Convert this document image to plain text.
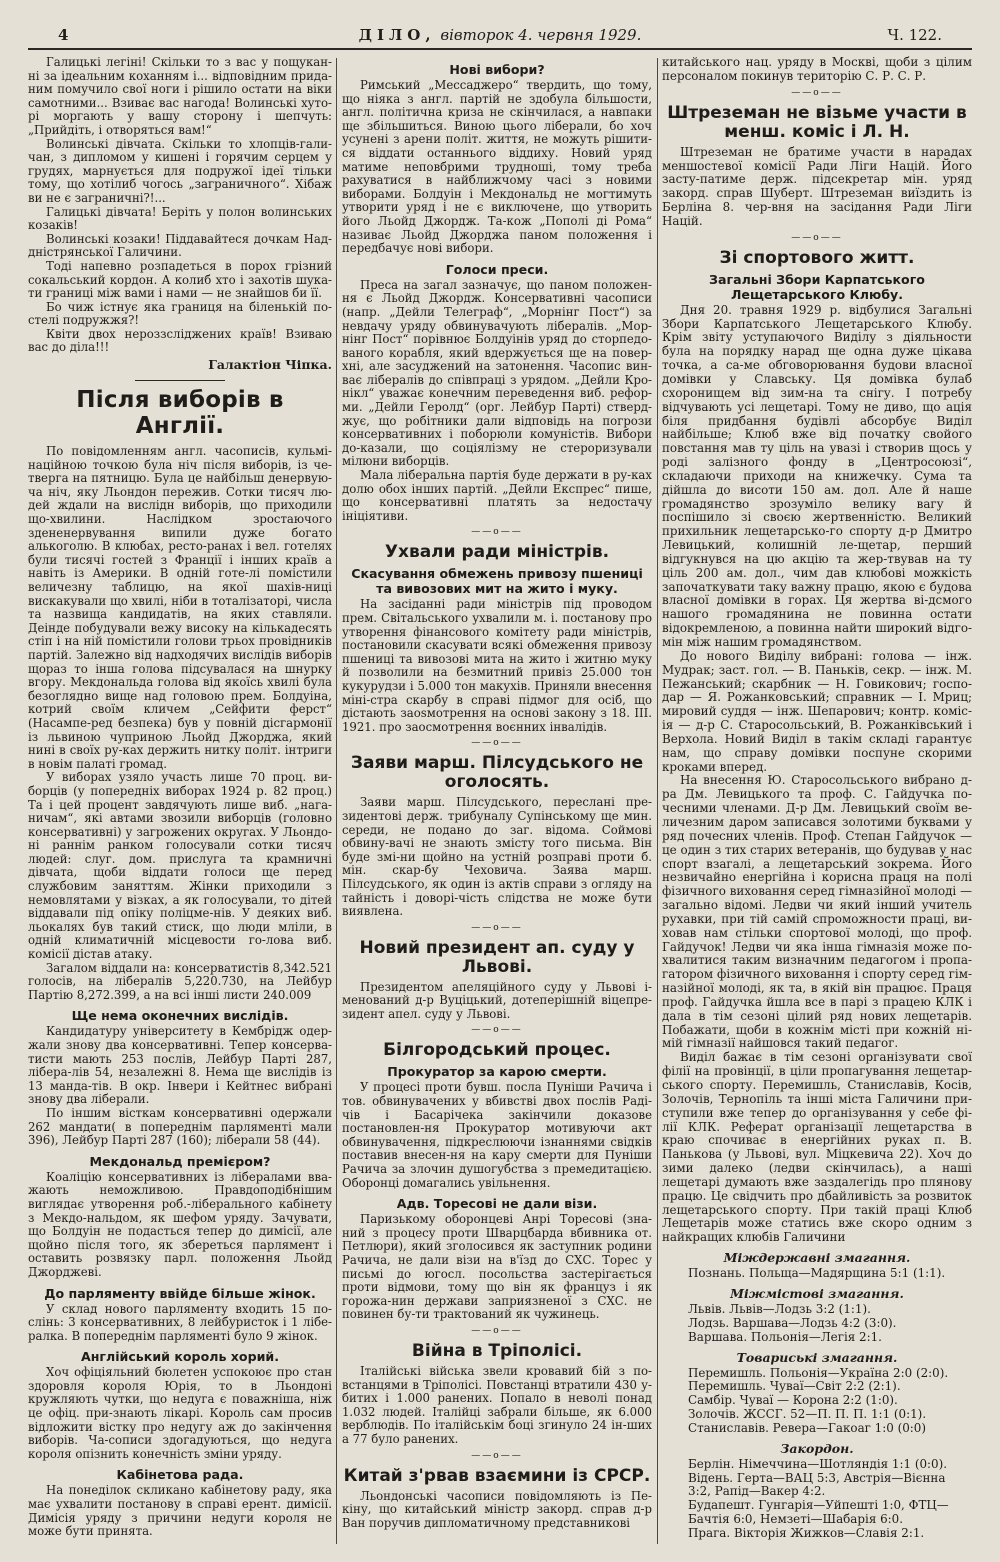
4	ДІЛО, вівторок 4. червня 1929.	Ч. 122.

Галицькі легіні! Скільки то з вас у пощукан-ні за ідеальним коханням і... відповідним прида-ним помучило свої ноги і рішило остати на віки самотними... Взиває вас нагода! Волинські хуто-рі моргають у вашу сторону і шепчуть: „Прийдіть, і отворяться вам!“

Волинські дівчата. Скільки то хлопців-гали-чан, з дипломом у кишені і горячим серцем у грудях, марнується для подружої ідеї тільки тому, що хотілиб чогось „заграничного“. Хібаж ви не є заграничні?!...

Галицькі дівчата! Беріть у полон волинських козаків!

Волинські козаки! Піддавайтеся дочкам Над-дністрянської Галичини.

Тоді напевно розпадеться в порох грізний сокальський кордон. А колиб хто і захотів шука-ти границі між вами і нами — не знайшов би її.

Бо чиж істнує яка границя на біленькій по-стелі подружжя?!

Квіти двох нероззсліджених країв! Взиваю вас до діла!!!

Галактіон Чіпка.
Після виборів в Англії.

По повідомленням англ. часописів, кульмі-наційною точкою була ніч після виборів, із че-тверга на пятницю. Була це найбільш денервую-ча ніч, яку Льондон пережив. Сотки тисяч лю-дей ждали на вислідн виборів, що приходили що-хвилини. Наслідком зростаючого здененервування випили дуже богато алькоголю. В клюбах, ресто-ранах і вел. готелях були тисячі гостей з Франції і інших країв а навіть із Америки. В одній готе-лі помістили величезну таблицю, на якої шахів-ниці вискакували що хвилі, ніби в тоталізаторі, числа та назвища кандидатів, на яких ставляли. Деінде побудували вежу високу на кількадесять стіп і на ній помістили голови трьох провідників партій. Залежно від надходячих вислідів виборів щораз то інша голова підсувалася на шнурку вгору. Мекдональда голова від якоїсь хвилі була безогляднo вище над головою прем. Болдуіна, котрий своїм кличем „Сейфити ферст“ (Насампе-ред безпека) був у повній дісгармонії із львиною чуприною Льойд Джорджа, який нині в своїх ру-ках держить нитку політ. інтриги в новім палаті громад.

У виборах узяло участь лише 70 проц. ви-борців (у попередніх виборах 1924 р. 82 проц.) Та і цей процент завдячують лише виб. „нага-ничам“, які автами звозили виборців (головно консервативні) у загрожених округах. У Льондо-ні раннім ранком голосували сотки тисяч людей: слуг. дом. прислуга та крамничні дівчата, щоби віддати голоси ще перед службовим заняттям. Жінки приходили з немовлятами у візках, а як голосували, то дітей віддавали під опіку поліцме-нів. У деяких виб. льокалях був такий стиск, що люди мліли, в одній климатичній місцевости го-лова виб. комісії дістав атаку.

Загалом віддали на: консерватистів 8,342.521 голосів, на лібералів 5,220.730, на Лейбур Партію 8,272.399, а на всі інші листи 240.009

Ще нема оконечних вислідів.

Кандидатуру університету в Кембрідж одер-жали знову два консервативні. Тепер консерва-тисти мають 253 послів, Лейбур Парті 287, лібера-лів 54, незалежні 8. Нема ще вислідів із 13 манда-тів. В окр. Інвери і Кейтнес вибрані знову два ліберали.

По іншим вісткам консервативні одержали 262 мандати( в попереднім парляменті мали 396), Лейбур Парті 287 (160); ліберали 58 (44).

Мекдональд премієром?

Коаліцію консервативних із лібералами вва-жають неможливою. Правдоподібнішим виглядає утворення роб.-ліберального кабінету з Мекдо-нальдом, як шефом уряду. Зачувати, що Болдуін не подасться тепер до димісії, але щойно після того, як збереться парлямент і оставить розвязку парл. положення Льойд Джорджеві.

До парляменту ввійде більше жінок.

У склад нового парляменту входить 15 по-слінь: 3 консервативних, 8 лейбуристок і 1 лібе-ралка. В попереднім парляменті було 9 жінок.

Англійський король хорий.

Хоч офіціяльний бюлетен успокоює про стан здоровля короля Юрія, то в Льондоні кружляють чутки, що недуга є поважніша, ніж це офіц. при-знають лікарі. Король сам просив відложити вістку про недугу аж до закінчення виборів. Ча-сописи здогадуються, що недуга короля опізнить конечність зміни уряду.

Кабінетова рада.

На понеділок скликано кабінетову раду, яка має ухвалити постанову в справі ерент. димісії. Димісія уряду з причини недуги короля не може бути принята.

Нові вибори?

Римський „Мессаджеро“ твердить, що тому, що ніяка з англ. партій не здобула більшости, англ. політична криза не скінчилася, а навпаки ще збільшиться. Виною цього ліберали, бо хоч усунені з арени політ. життя, не можуть рішити-ся віддати останнього віддиху. Новий уряд матиме неповбрими трудноші, тому треба рахуватися в найближчому часі з новими виборами. Болдуін і Мекдональд не могтимуть утворити уряд і не є виключене, що утворить його Льойд Джордж. Та-кож „Пополі ді Рома“ називає Льойд Джорджа паном положення і передбачує нові вибори.

Голоси преси.

Преса на загал зазначує, що паном положен-ня є Льойд Джордж. Консервативні часописи (напр. „Дейли Телеграф“, „Морнінг Пост“) за невдачу уряду обвинувачують лібералів. „Мор-нінг Пост“ порівнює Болдуінів уряд до сторпедо-ваного корабля, який вдержується ще на повер-хні, але засуджений на затонення. Часопис вин-ває лібералів до співпраці з урядом. „Дейли Кро-нікл“ уважає конечним переведення виб. рефор-ми. „Дейли Геролд“ (орг. Лейбур Парті) стверд-жує, що робітники дали відповідь на погрози консервативних і поборюли комуністів. Вибори до-казали, що соціялізму не стероризували мілюни виборців.

Мала ліберальна партія буде держати в ру-ках долю обох інших партій. „Дейли Експрес“ пише, що консервативні платять за недостачу ініціятиви.

——o——
Ухвали ради міністрів.
Скасування обмежень привозу пшениці та вивозових мит на жито і муку.

На засіданні ради міністрів під проводом прем. Світальського ухвалили м. і. постанову про утворення фінансового комітету ради міністрів, постановили скасувати всякі обмеження привозу пшениці та вивозові мита на жито і житню муку й позволили на безмитний привіз 25.000 тон кукурудзи і 5.000 тон макухів. Приняли внесення міні-стра скарбу в справі підмог для осіб, що дістають зaosмотрення на основі закону з 18. ІІІ. 1921. про заосмотрення воєнних інвалідів.

——o——
Заяви марш. Пілсудського не оголосять.

Заяви марш. Пілсудського, переслані пре-зидентові держ. трибуналу Супінському ще мин. середи, не подано до заг. відома. Соймові обвину-вачі не знають змісту того письма. Він буде змі-ни щойно на устній розправі проти б. мін. скар-бу Чеховича. Заява марш. Пілсудського, як один із актів справи з огляду на тайність і доворі-чість слідства не може бути виявлена.

——o——
Новий президент ап. суду у Львові.

Президентом апеляційного суду у Львові і-менований д-р Вуціцький, дотеперішній віцепре-зидент апел. суду у Львові.

——o——
Білгородський процес.
Прокуратор за карою смерти.

У процесі проти бувш. посла Пуніши Рачича і тов. обвинувачених у вбивстві двох послів Раді-чів і Басарічека закінчили доказове постановлен-ня Прокуратор мотивуючи акт обвинувачення, підкреслюючи ізнаннями свідків поставив внесен-ня на кару смерти для Пуніши Рачича за злочин душогубства з премедитацією. Оборонці домагались увільнення.

Адв. Торесові не дали візи.

Паризькому оборонцеві Анрі Торесові (зна-ний з процесу проти Шварцбарда вбивника от. Петлюри), який зголосився як заступник родини Рачича, не дали візи на в'їзд до СХС. Торес у письмі до югосл. посольства застерігається проти відмови, тому що він як француз і як горожа-нин держави заприязненої з СХС. не повинен бу-ти трактований як чужинець.

——o——
Війна в Тріполісі.

Італійські війська звели кровавий бій з по-встанцями в Тріполісі. Повстанці втратили 430 у-битих і 1.000 ранених. Попало в неволі понад 1.032 людей. Італійці забрали більше, як 6.000 верблюдів. По італійськім боці згинуло 24 ін-ших а 77 було ранених.

——o——
Китай з'рвав взаємини із СРСР.

Льондонські часописи повідомляють із Пе-кіну, що китайський міністр закорд. справ д-р Ван поручив дипломатичному представникові

китайського нац. уряду в Москві, щоби з цілим персоналом покинув територію С. Р. С. Р.

——o——
Штреземан не візьме участи в менш. коміс і Л. Н.

Штреземан не братиме участи в нарадах меншостевої комісії Ради Ліги Націй. Його засту-патиме держ. підсекретар мін. уряд закорд. справ Шуберт. Штреземан виїздить із Берліна 8. чер-вня на засідання Ради Ліги Націй.

——o——
Зі спортового житт.
Загальні Збори Карпатського Лещетарського Клюбу.

Дня 20. травня 1929 р. відбулися Загальні Збори Карпатського Лещетарського Клюбу. Крім звіту уступаючого Виділу з діяльности була на порядку нарад ще одна дуже цікава точка, а са-ме обговорювання будови власної домівки у Славську. Ця домівка булаб схоронищем від зим-на та снігу. І потребу відчувають усі лещетарі. Тому не диво, що ація біля придбання будівлі абсорбує Виділ найбільше; Клюб вже від початку свойого повстання мав ту ціль на увазі і створив щось у роді залізного фонду в „Центросоюзі“, складаючи приходи на книжечку. Сума та дійшла до висоти 150 ам. дол. Але й наше громадянство зрозуміло велику вагу й поспішило зі своєю жертвенністю. Великий прихильник лещетарсько-го спорту д-р Дмитро Левицький, колишній ле-щетар, перший відгукнувся на цю акцію та жер-твував на ту ціль 200 ам. дол., чим дав клюбові можкість започаткувати таку важну працю, якою є будова власної домівки в горах. Ця жертва ві-дсмого нашого громадянина не повинна остати відокремленою, а повинна найти широкий відго-мін між нашим громадянством.

До нового Виділу вибрані: голова — інж. Мудрак; заст. гол. — В. Паньків, секр. — інж. М. Пежанський; скарбник — Н. Говикович; госпо-дар — Я. Рожанковський; справник — І. Мриц; мировий суддя — інж. Шепарович; контр. коміс-ія — д-р С. Старосольський, В. Рожанківський і Верхола. Новий Виділ в такім складі гарантує нам, що справу домівки поспуне скорими кроками вперед.

На внесення Ю. Старосольського вибрано д-ра Дм. Левицького та проф. С. Гайдучка по-чесними членами. Д-р Дм. Левицький своїм ве-личезним даром записався золотими буквами у ряд почесних членів. Проф. Степан Гайдучок — це один з тих старих ветеранів, що будував у нас спорт взагалі, а лещетарський зокрема. Його незвичайно енергійна і корисна праця на полі фізичного виховання серед гімназійної молоді — загально відомі. Ледви чи який інший учитель рухавки, при тій самій спроможности праці, ви-ховав нам стільки спортової молоді, що проф. Гайдучок! Ледви чи яка інша гімназія може по-хвалитися таким визначним педагогом і пропа-гатором фізичного виховання і спорту серед гім-назійної молоді, як та, в якій він працює. Праця проф. Гайдучка йшла все в парі з працею КЛК і дала в тім сезоні цілий ряд нових лещетарів. Побажати, щоби в кожнім місті при кожній ні-мій гімназії найшовся такий педагог.

Виділ бажає в тім сезоні організувати свої філії на провінції, в ціли пропагування лещетар-ського спорту. Перемишль, Станиславів, Косів, Золочів, Тернопіль та інші міста Галичини при-ступили вже тепер до організування у себе фі-лії КЛК. Реферат організації лещетарства в краю спочиває в енергійних руках п. В. Панькова (у Львові, вул. Міцкевича 22). Хоч до зими далеко (ледви скінчилась), а наші лещетарі думають вже заздалегідь про плянову працю. Це свідчить про дбайливість за розвиток лещетарського спорту. При такій праці Клюб Лещетарів може статись вже скоро одним з найкращих клюбів Галичини

Міждержавні змагання.
Познань. Польща—Мадярщина 5:1 (1:1).
Міжмістові змагання.
Львів. Львів—Лодзь 3:2 (1:1).
Лодзь. Варшава—Лодзь 4:2 (3:0).
Варшава. Польонія—Легія 2:1.
Товариські змагання.
Перемишль. Польонія—Україна 2:0 (2:0).
Перемишль. Чуваї—Світ 2:2 (2:1).
Самбір. Чуваї — Корона 2:2 (1:0).
Золочів. ЖССГ. 52—П. П. П. 1:1 (0:1).
Станиславів. Ревера—Гакоаг 1:0 (0:0)
Закордон.
Берлін. Німеччина—Шотляндія 1:1 (0:0).
Відень. Герта—ВАЦ 5:3, Австрія—Вієнна 3:2, Рапід—Вакер 4:2.
Будапешт. Гунгарія—Уйпешті 1:0, ФТЦ—Бачтія 6:0, Немзеті—Шабарія 6:0.
Прага. Вікторія Жижков—Славія 2:1.
